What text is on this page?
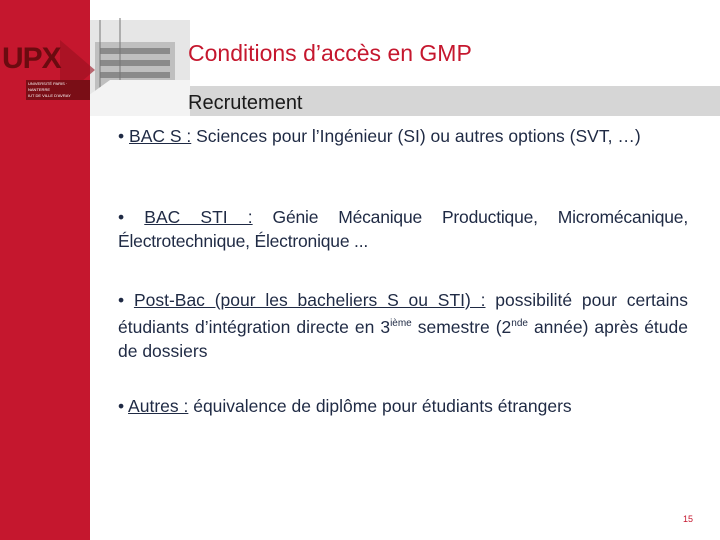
UPX
UNIVERSITÉ PARIS · NANTERRE
IUT DE VILLE D'AVRAY
Conditions d’accès en GMP
Recrutement

• BAC S : Sciences pour l’Ingénieur (SI) ou autres options (SVT, …)

• BAC STI : Génie Mécanique Productique, Micromécanique, Électrotechnique, Électronique ...

• Post-Bac (pour les bacheliers S ou STI) : possibilité pour certains étudiants d’intégration directe en 3ième semestre (2nde année) après étude de dossiers

• Autres : équivalence de diplôme pour étudiants étrangers

15
